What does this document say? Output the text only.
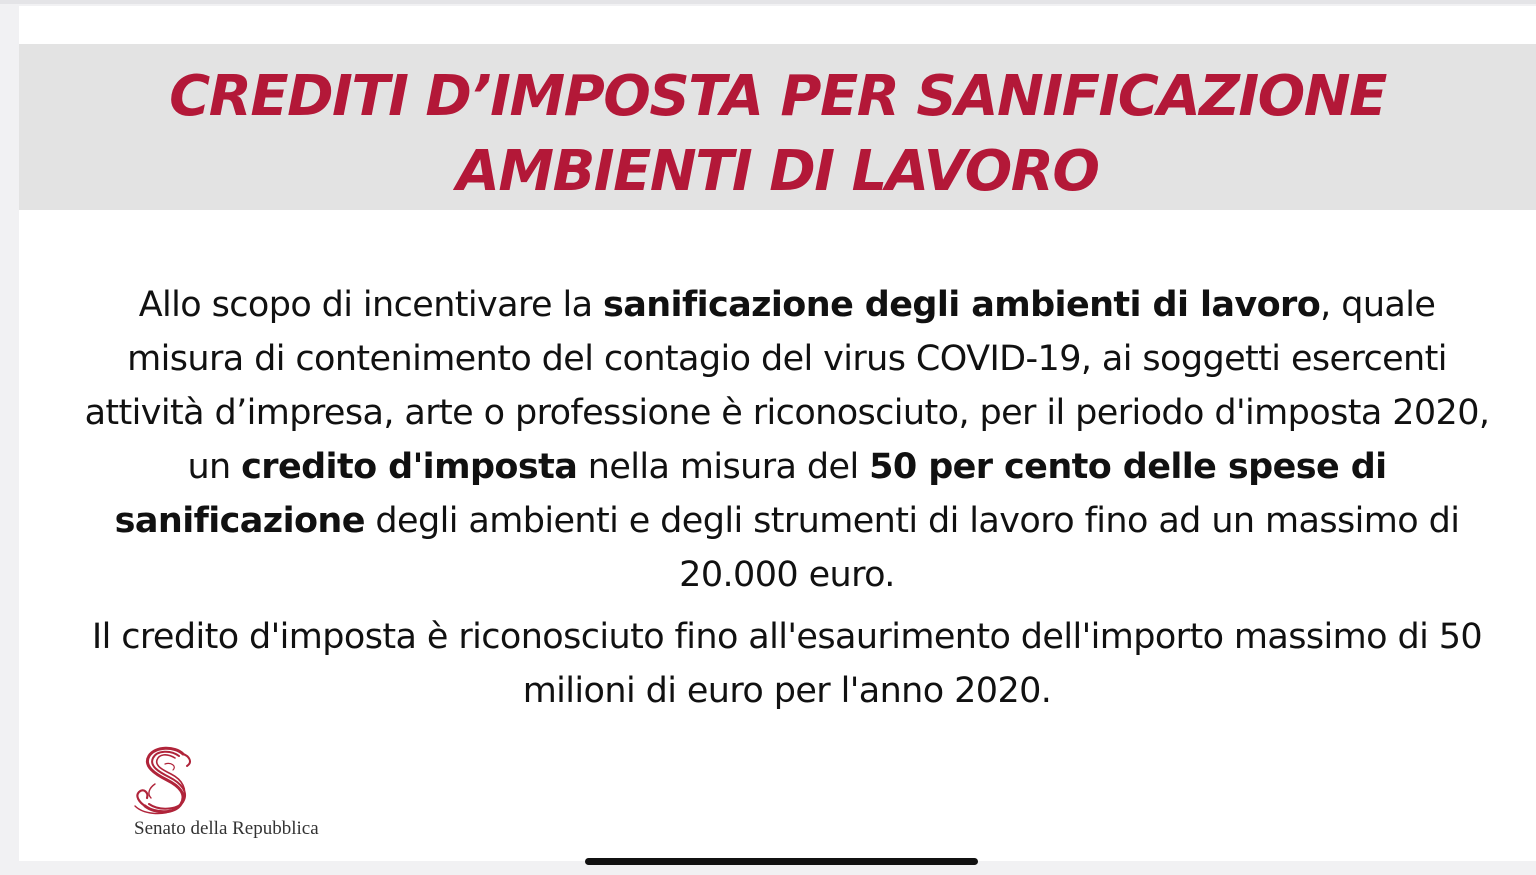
CREDITI D’IMPOSTA PER SANIFICAZIONE
AMBIENTI DI LAVORO

Allo scopo di incentivare la sanificazione degli ambienti di lavoro, quale misura di contenimento del contagio del virus COVID-19, ai soggetti esercenti attività d’impresa, arte o professione è riconosciuto, per il periodo d'imposta 2020, un credito d'imposta nella misura del 50 per cento delle spese di sanificazione degli ambienti e degli strumenti di lavoro fino ad un massimo di 20.000 euro.

Il credito d'imposta è riconosciuto fino all'esaurimento dell'importo massimo di 50 milioni di euro per l'anno 2020.

Senato della Repubblica
